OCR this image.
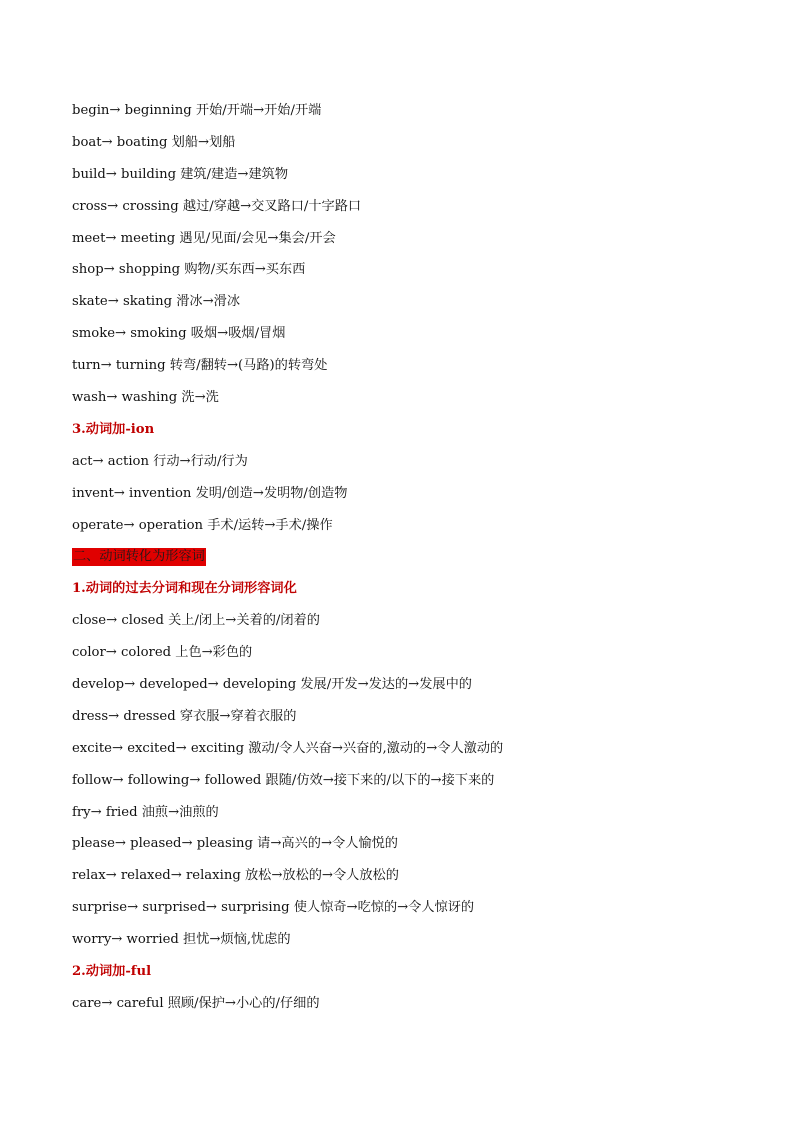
begin→ beginning 开始/开端→开始/开端
boat→ boating 划船→划船
build→ building 建筑/建造→建筑物
cross→ crossing 越过/穿越→交叉路口/十字路口
meet→ meeting 遇见/见面/会见→集会/开会
shop→ shopping 购物/买东西→买东西
skate→ skating 滑冰→滑冰
smoke→ smoking 吸烟→吸烟/冒烟
turn→ turning 转弯/翻转→(马路)的转弯处
wash→ washing 洗→洗
3.动词加-ion
act→ action 行动→行动/行为
invent→ invention 发明/创造→发明物/创造物
operate→ operation 手术/运转→手术/操作
二、动词转化为形容词
1.动词的过去分词和现在分词形容词化
close→ closed 关上/闭上→关着的/闭着的
color→ colored 上色→彩色的
develop→ developed→ developing 发展/开发→发达的→发展中的
dress→ dressed 穿衣服→穿着衣服的
excite→ excited→ exciting 激动/令人兴奋→兴奋的,激动的→令人激动的
follow→ following→ followed 跟随/仿效→接下来的/以下的→接下来的
fry→ fried 油煎→油煎的
please→ pleased→ pleasing 请→高兴的→令人愉悦的
relax→ relaxed→ relaxing 放松→放松的→令人放松的
surprise→ surprised→ surprising 使人惊奇→吃惊的→令人惊讶的
worry→ worried 担忧→烦恼,忧虑的
2.动词加-ful
care→ careful 照顾/保护→小心的/仔细的
